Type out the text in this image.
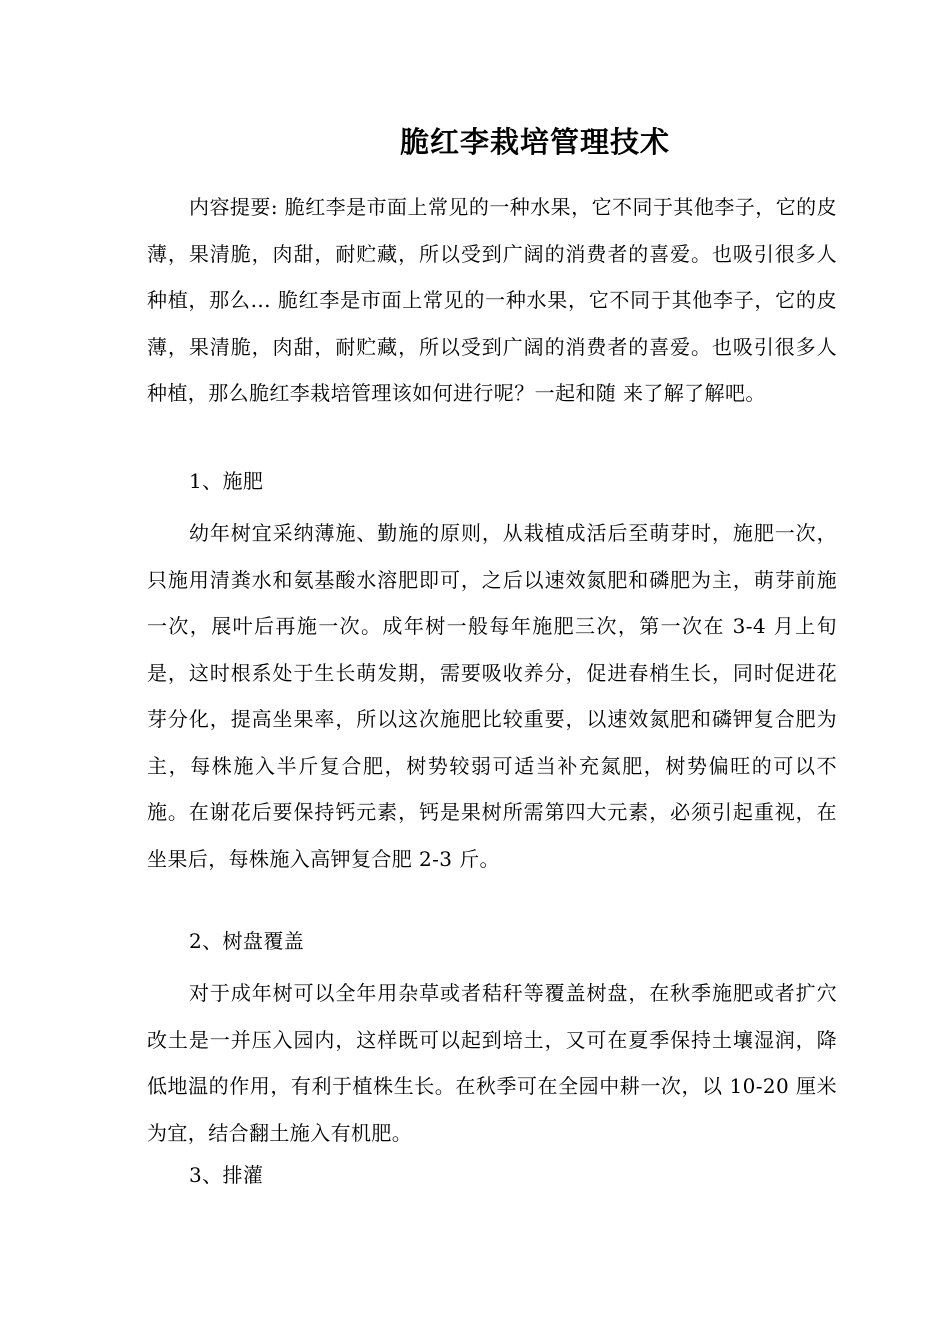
脆红李栽培管理技术

内容提要: 脆红李是市面上常见的一种水果，它不同于其他李子，它的皮薄，果清脆，肉甜，耐贮藏，所以受到广阔的消费者的喜爱。也吸引很多人种植，那么... 脆红李是市面上常见的一种水果，它不同于其他李子，它的皮薄，果清脆，肉甜，耐贮藏，所以受到广阔的消费者的喜爱。也吸引很多人种植，那么脆红李栽培管理该如何进行呢？一起和随 来了解了解吧。

1、施肥

幼年树宜采纳薄施、勤施的原则，从栽植成活后至萌芽时，施肥一次，只施用清粪水和氨基酸水溶肥即可，之后以速效氮肥和磷肥为主，萌芽前施一次，展叶后再施一次。成年树一般每年施肥三次，第一次在 3-4 月上旬是，这时根系处于生长萌发期，需要吸收养分，促进春梢生长，同时促进花芽分化，提高坐果率，所以这次施肥比较重要，以速效氮肥和磷钾复合肥为主，每株施入半斤复合肥，树势较弱可适当补充氮肥，树势偏旺的可以不施。在谢花后要保持钙元素，钙是果树所需第四大元素，必须引起重视，在坐果后，每株施入高钾复合肥 2-3 斤。

2、树盘覆盖

对于成年树可以全年用杂草或者秸秆等覆盖树盘，在秋季施肥或者扩穴改土是一并压入园内，这样既可以起到培土，又可在夏季保持土壤湿润，降低地温的作用，有利于植株生长。在秋季可在全园中耕一次，以 10-20 厘米为宜，结合翻土施入有机肥。

3、排灌
